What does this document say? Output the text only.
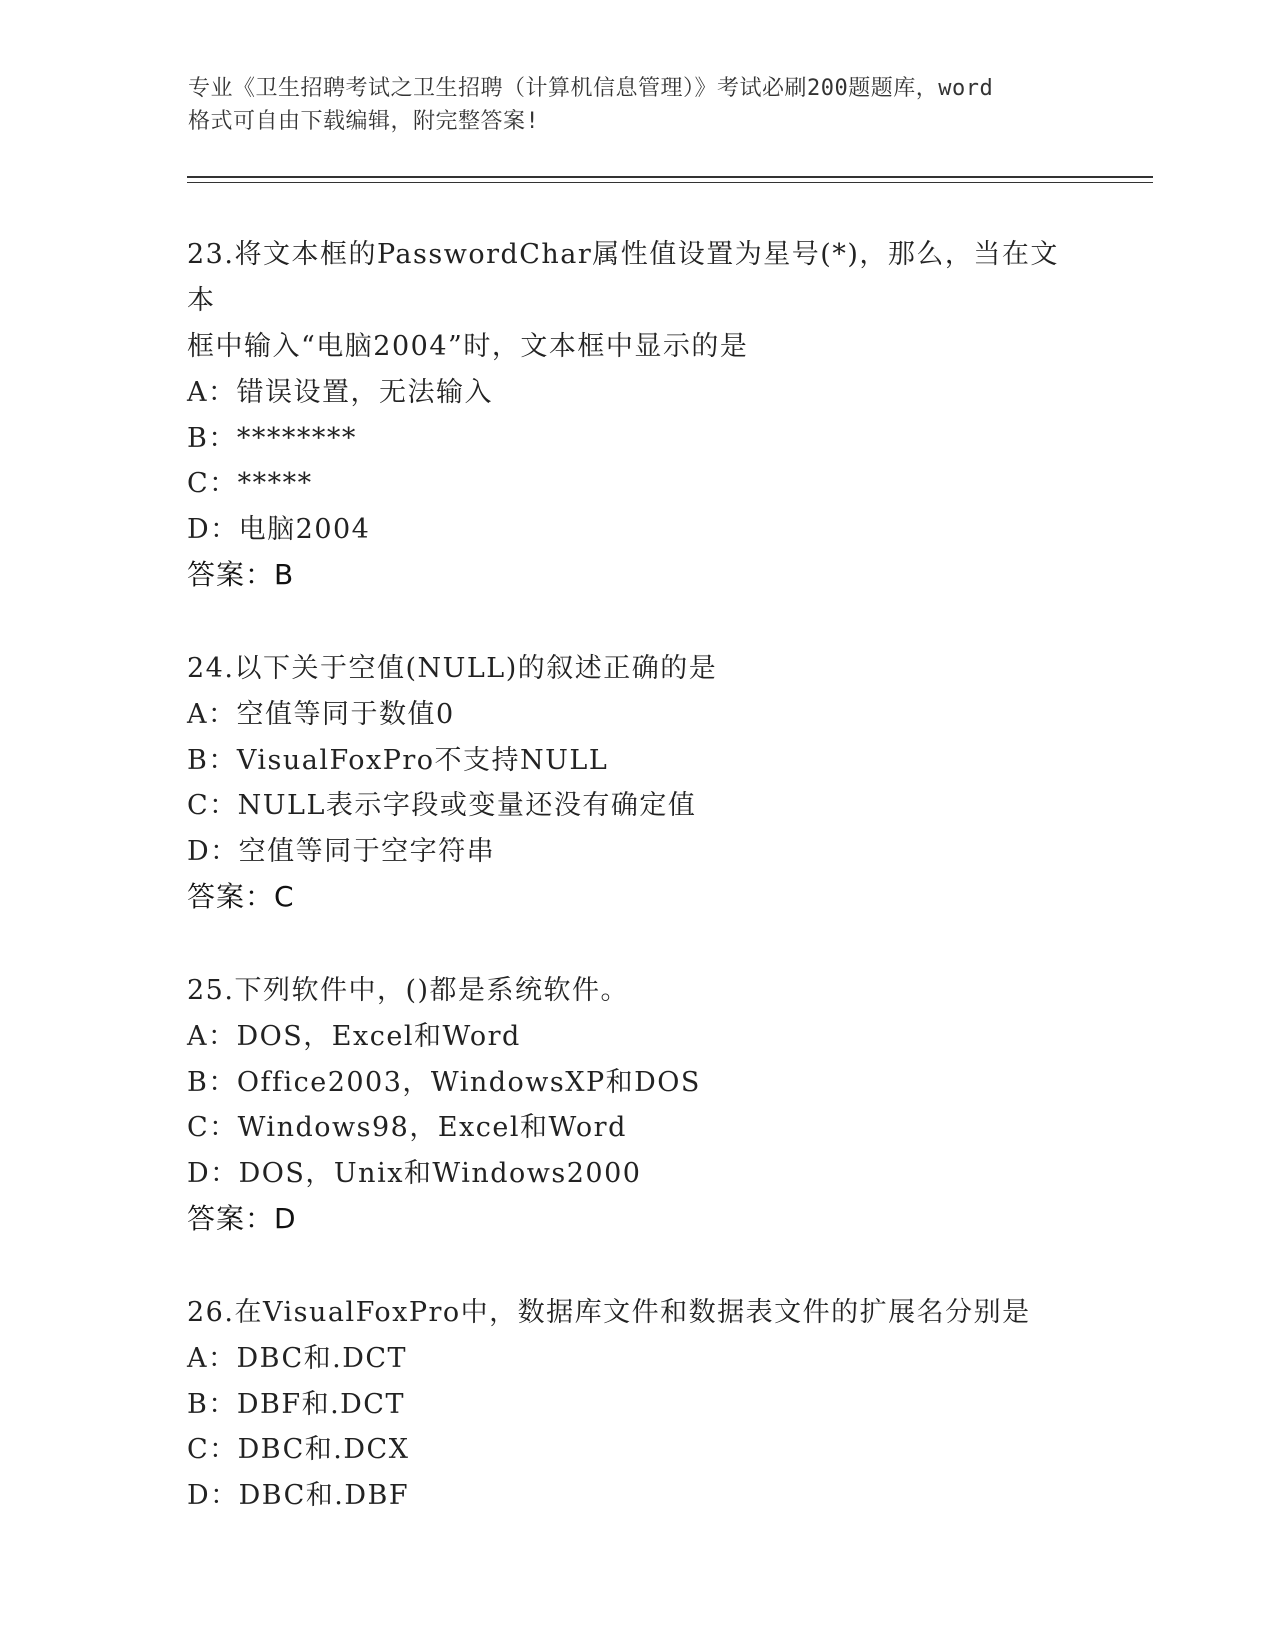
专业《卫生招聘考试之卫生招聘（计算机信息管理）》考试必刷200题题库，word

格式可自由下载编辑，附完整答案!

23.将文本框的PasswordChar属性值设置为星号(*)，那么，当在文本

框中输入“电脑2004”时，文本框中显示的是

A：错误设置，无法输入

B：********

C：*****

D：电脑2004

答案：B

24.以下关于空值(NULL)的叙述正确的是

A：空值等同于数值0

B：VisualFoxPro不支持NULL

C：NULL表示字段或变量还没有确定值

D：空值等同于空字符串

答案：C

25.下列软件中，()都是系统软件。

A：DOS，Excel和Word

B：Office2003，WindowsXP和DOS

C：Windows98，Excel和Word

D：DOS，Unix和Windows2000

答案：D

26.在VisualFoxPro中，数据库文件和数据表文件的扩展名分别是

A：DBC和.DCT

B：DBF和.DCT

C：DBC和.DCX

D：DBC和.DBF
